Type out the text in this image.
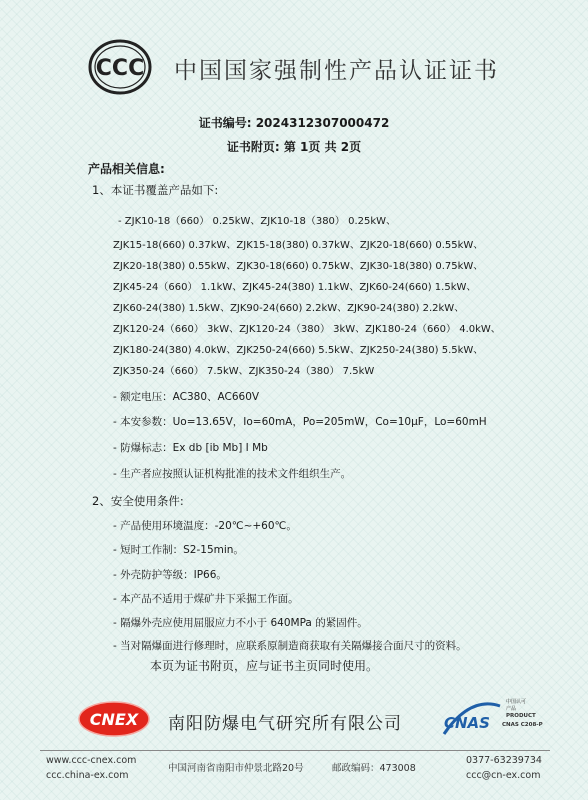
CCC 中国国家强制性产品认证证书
证书编号: 2024312307000472
证书附页: 第 1页 共 2页
产品相关信息:
1、本证书覆盖产品如下:
- ZJK10-18（660） 0.25kW、ZJK10-18（380） 0.25kW、
ZJK15-18(660) 0.37kW、ZJK15-18(380) 0.37kW、ZJK20-18(660) 0.55kW、
ZJK20-18(380) 0.55kW、ZJK30-18(660) 0.75kW、ZJK30-18(380) 0.75kW、
ZJK45-24（660） 1.1kW、ZJK45-24(380) 1.1kW、ZJK60-24(660) 1.5kW、
ZJK60-24(380) 1.5kW、ZJK90-24(660) 2.2kW、ZJK90-24(380) 2.2kW、
ZJK120-24（660） 3kW、ZJK120-24（380） 3kW、ZJK180-24（660） 4.0kW、
ZJK180-24(380) 4.0kW、ZJK250-24(660) 5.5kW、ZJK250-24(380) 5.5kW、
ZJK350-24（660） 7.5kW、ZJK350-24（380） 7.5kW
- 额定电压：AC380、AC660V
- 本安参数：Uo=13.65V，Io=60mA，Po=205mW，Co=10μF，Lo=60mH
- 防爆标志：Ex db [ib Mb] I Mb
- 生产者应按照认证机构批准的技术文件组织生产。
2、安全使用条件:
- 产品使用环境温度：-20℃~+60℃。
- 短时工作制：S2-15min。
- 外壳防护等级：IP66。
- 本产品不适用于煤矿井下采掘工作面。
- 隔爆外壳应使用屈服应力不小于 640MPa 的紧固件。
- 当对隔爆面进行修理时，应联系原制造商获取有关隔爆接合面尺寸的资料。
本页为证书附页，应与证书主页同时使用。
CNEX 南阳防爆电气研究所有限公司	CNAS
中国认可
产品
PRODUCT
CNAS C208-P
www.ccc-cnex.com
ccc.china-ex.com
中国河南省南阳市仲景北路20号	邮政编码：473008
0377-63239734
ccc@cn-ex.com
